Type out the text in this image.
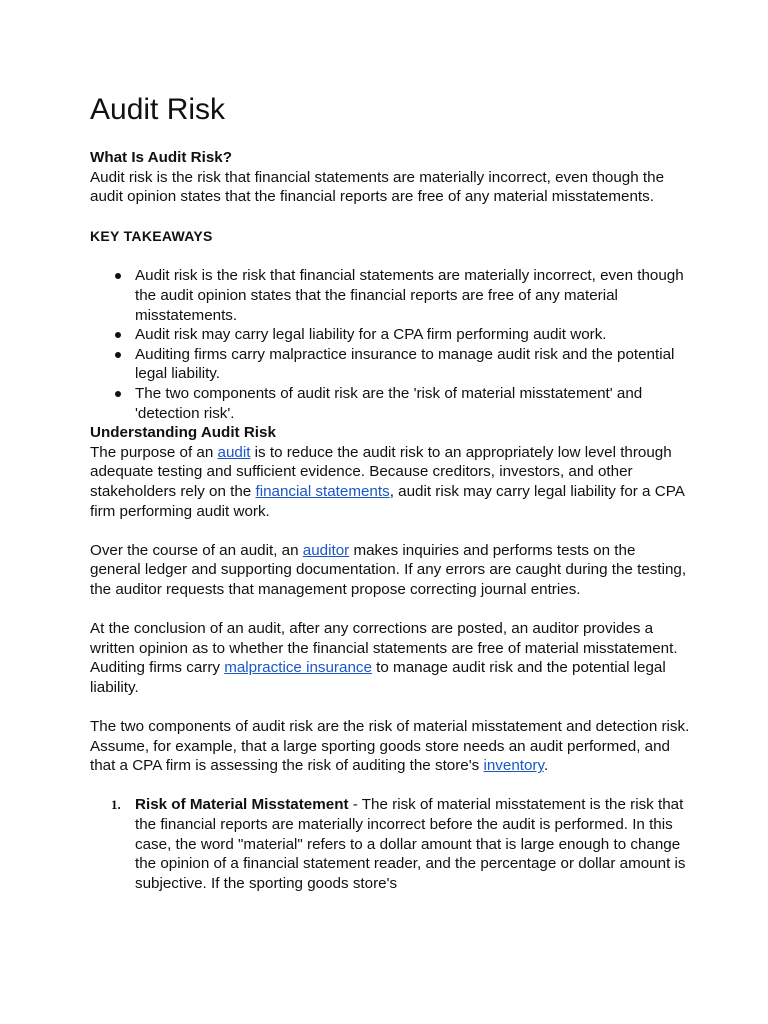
Audit Risk

What Is Audit Risk?

Audit risk is the risk that financial statements are materially incorrect, even though the audit opinion states that the financial reports are free of any material misstatements.

KEY TAKEAWAYS

Audit risk is the risk that financial statements are materially incorrect, even though the audit opinion states that the financial reports are free of any material misstatements.
Audit risk may carry legal liability for a CPA firm performing audit work.
Auditing firms carry malpractice insurance to manage audit risk and the potential legal liability.
The two components of audit risk are the 'risk of material misstatement' and 'detection risk'.

Understanding Audit Risk

The purpose of an audit is to reduce the audit risk to an appropriately low level through adequate testing and sufficient evidence. Because creditors, investors, and other stakeholders rely on the financial statements, audit risk may carry legal liability for a CPA firm performing audit work.

Over the course of an audit, an auditor makes inquiries and performs tests on the general ledger and supporting documentation. If any errors are caught during the testing, the auditor requests that management propose correcting journal entries.

At the conclusion of an audit, after any corrections are posted, an auditor provides a written opinion as to whether the financial statements are free of material misstatement. Auditing firms carry malpractice insurance to manage audit risk and the potential legal liability.

The two components of audit risk are the risk of material misstatement and detection risk. Assume, for example, that a large sporting goods store needs an audit performed, and that a CPA firm is assessing the risk of auditing the store's inventory.

1. Risk of Material Misstatement - The risk of material misstatement is the risk that the financial reports are materially incorrect before the audit is performed. In this case, the word "material" refers to a dollar amount that is large enough to change the opinion of a financial statement reader, and the percentage or dollar amount is subjective. If the sporting goods store's
